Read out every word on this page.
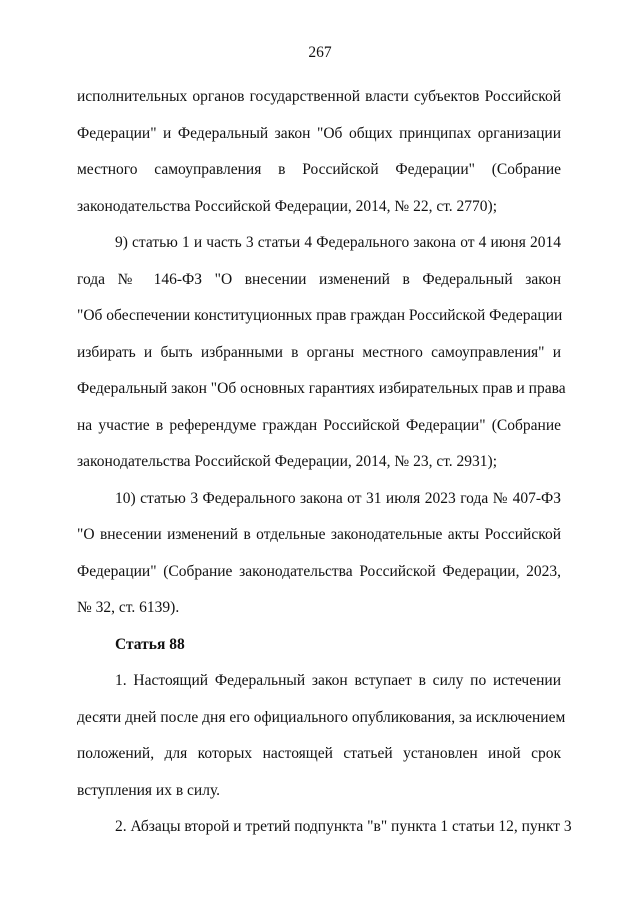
267

исполнительных органов государственной власти субъектов Российской
Федерации" и Федеральный закон "Об общих принципах организации
местного самоуправления в Российской Федерации" (Собрание
законодательства Российской Федерации, 2014, № 22, ст. 2770);

9) статью 1 и часть 3 статьи 4 Федерального закона от 4 июня 2014
года № 146-ФЗ "О внесении изменений в Федеральный закон
"Об обеспечении конституционных прав граждан Российской Федерации
избирать и быть избранными в органы местного самоуправления" и
Федеральный закон "Об основных гарантиях избирательных прав и права
на участие в референдуме граждан Российской Федерации" (Собрание
законодательства Российской Федерации, 2014, № 23, ст. 2931);

10) статью 3 Федерального закона от 31 июля 2023 года № 407-ФЗ
"О внесении изменений в отдельные законодательные акты Российской
Федерации" (Собрание законодательства Российской Федерации, 2023,
№ 32, ст. 6139).

Статья 88

1. Настоящий Федеральный закон вступает в силу по истечении
десяти дней после дня его официального опубликования, за исключением
положений, для которых настоящей статьей установлен иной срок
вступления их в силу.

2. Абзацы второй и третий подпункта "в" пункта 1 статьи 12, пункт 3
